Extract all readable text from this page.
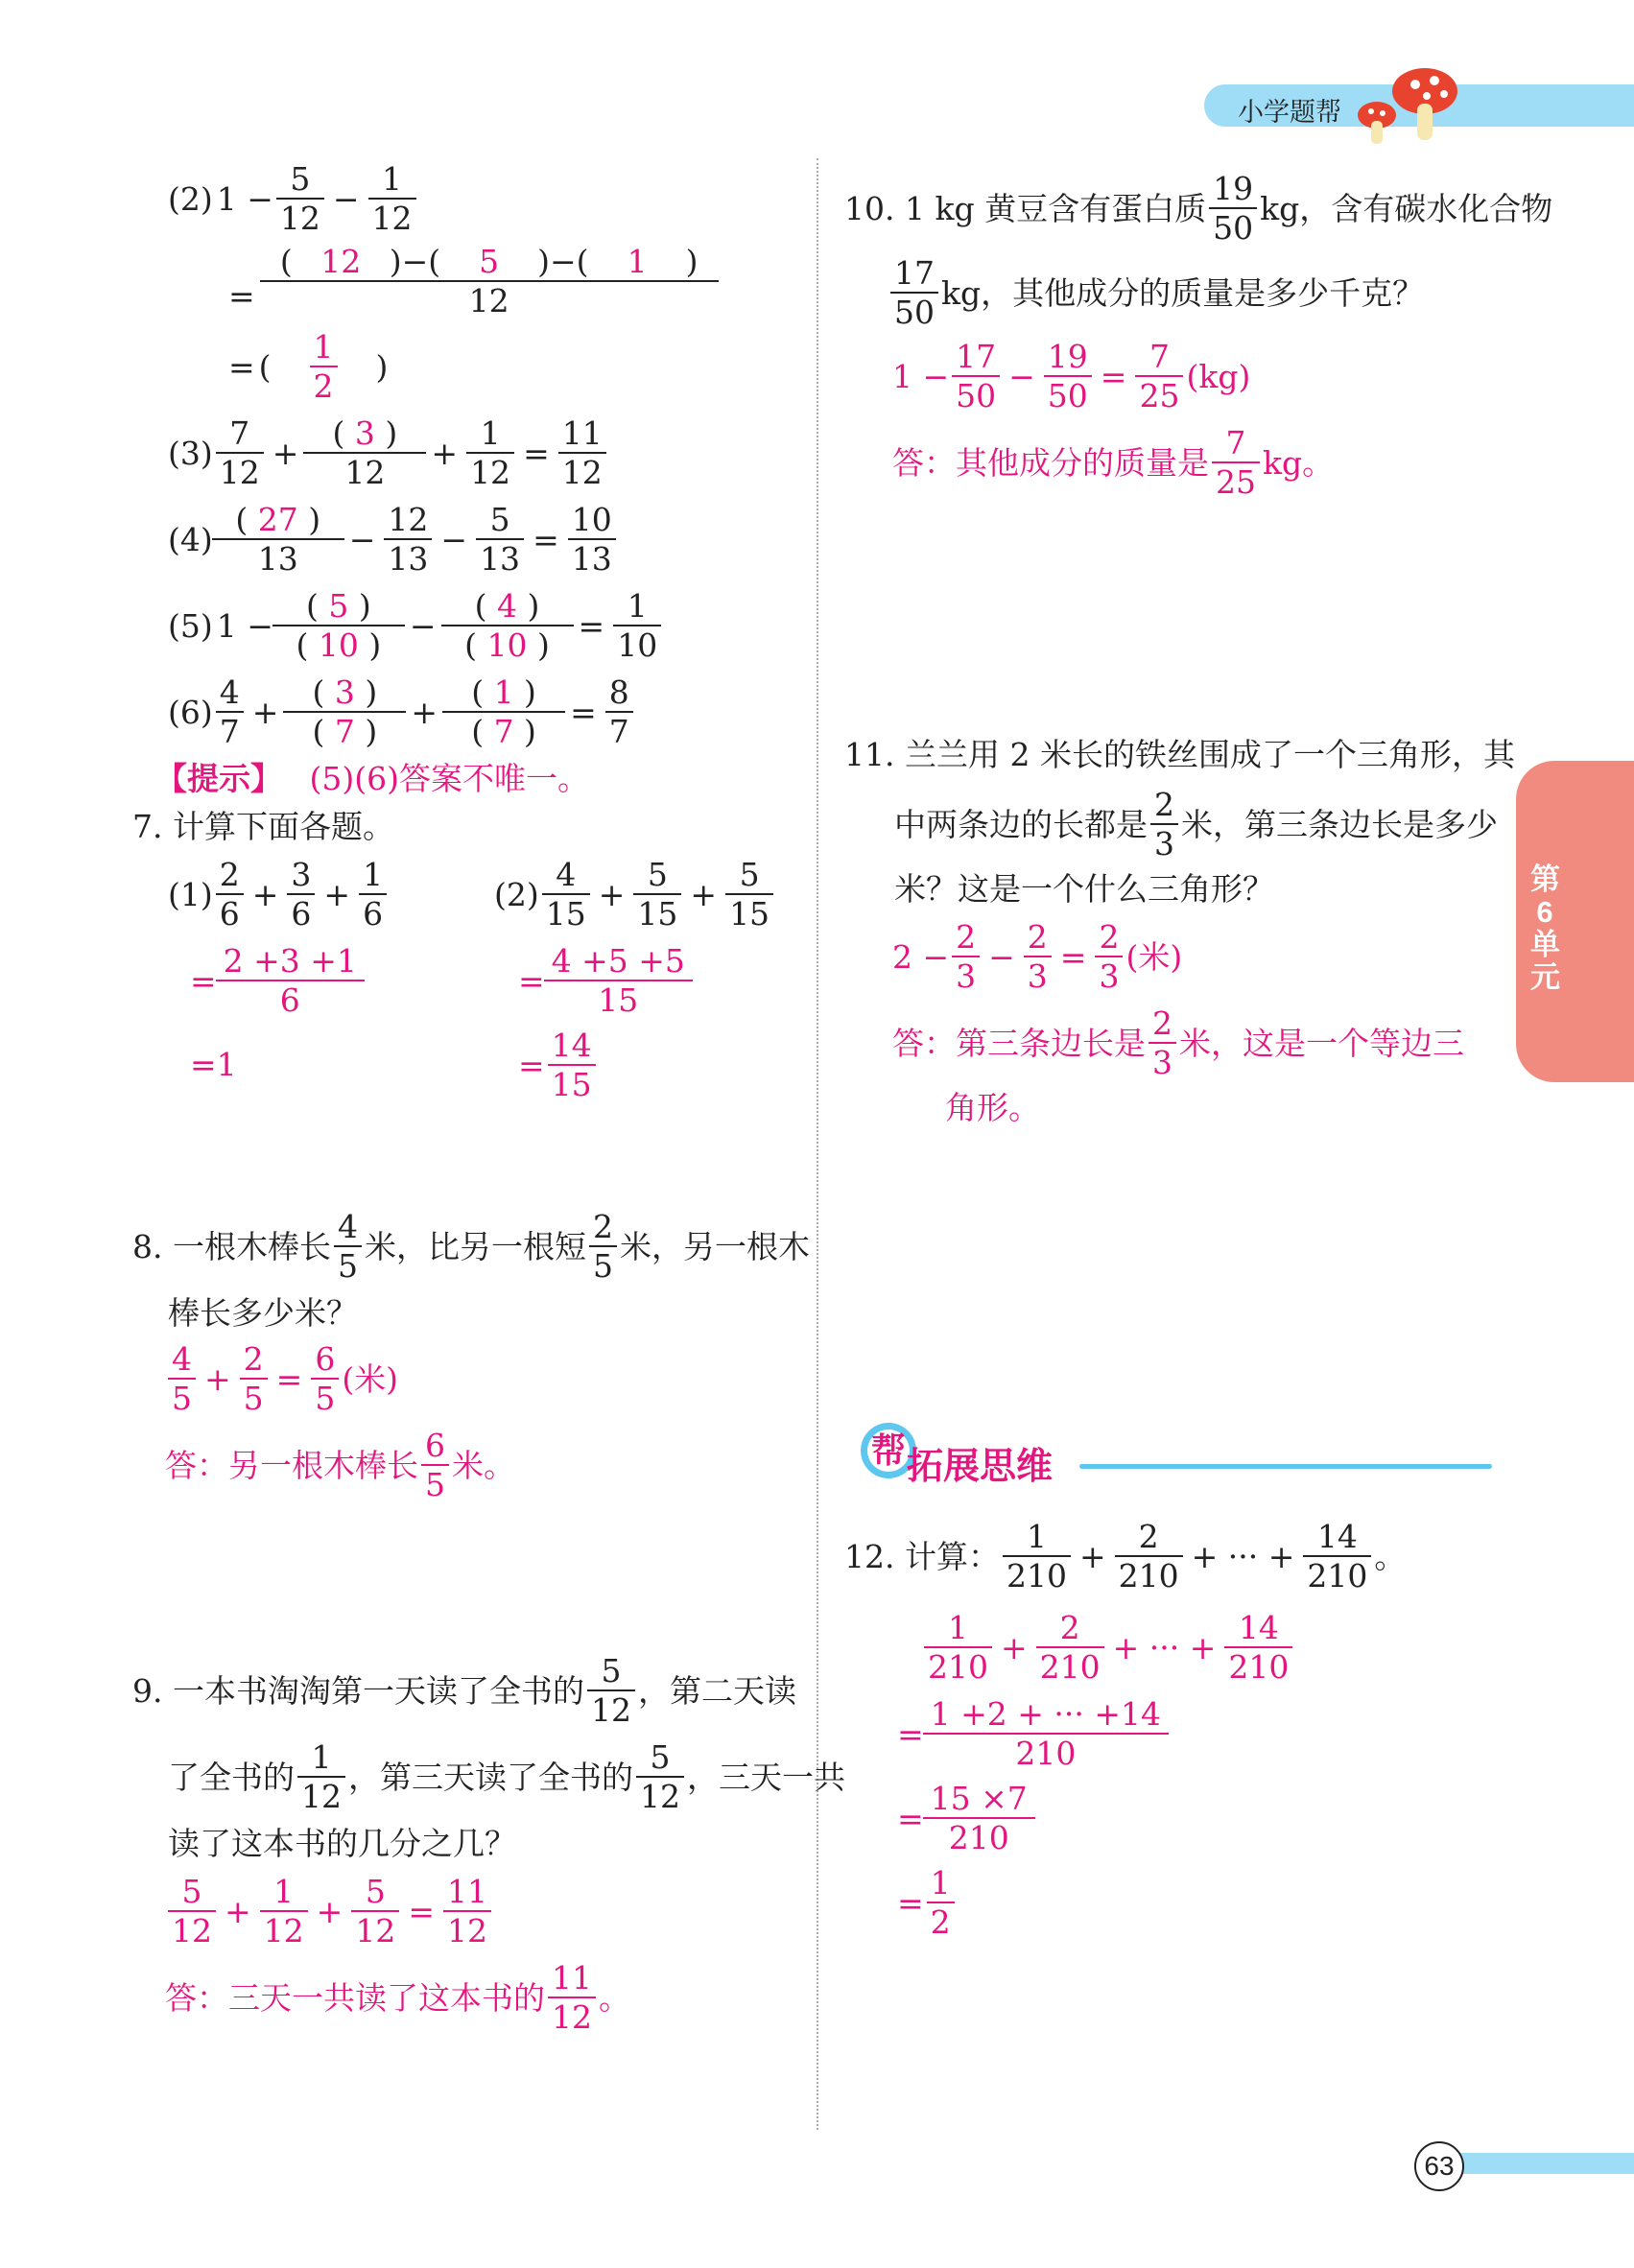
小学题帮
第6单元
(2) $1 - \frac{5}{12} - \frac{1}{12}$
= $\frac{( 12 )-( 5 )-( 1 )}{12}$
= ( $\frac{1}{2}$ )
$(3) \frac{7}{12} + \frac{( 3 )}{12} + \frac{1}{12} = \frac{11}{12}$
$(4) \frac{( 27 )}{13} - \frac{12}{13} - \frac{5}{13} = \frac{10}{13}$
(5) $1 - \frac{( 5 )}{( 10 )} - \frac{( 4 )}{( 10 )} = \frac{1}{10}$
$(6) \frac{4}{7} + \frac{( 3 )}{( 7 )} + \frac{( 1 )}{( 7 )} = \frac{8}{7}$
【提示】 (5)(6)答案不唯一。
7. 计算下面各题。
$(1) \frac{2}{6} + \frac{3}{6} + \frac{1}{6}$
= $\frac{2 +3 +1}{6}$
=1
$(2) \frac{4}{15} + \frac{5}{15} + \frac{5}{15}$
= $\frac{4 +5 +5}{15}$
= $\frac{14}{15}$
8. 一根木棒长 $\frac{4}{5}$ 米，比另一根短 $\frac{2}{5}$ 米，另一根木
棒长多少米？
$\frac{4}{5} + \frac{2}{5} = \frac{6}{5}$ (米)
答：另一根木棒长 $\frac{6}{5}$ 米。
9. 一本书淘淘第一天读了全书的 $\frac{5}{12}$ ，第二天读
了全书的 $\frac{1}{12}$ ，第三天读了全书的 $\frac{5}{12}$ ，三天一共
读了这本书的几分之几？
$\frac{5}{12} + \frac{1}{12} + \frac{5}{12} = \frac{11}{12}$
答：三天一共读了这本书的 $\frac{11}{12}$ 。
10. 1 kg 黄豆含有蛋白质 $\frac{19}{50}$ kg，含有碳水化合物
$\frac{17}{50}$ kg，其他成分的质量是多少千克？
$1 - \frac{17}{50} - \frac{19}{50} = \frac{7}{25} (kg)$
答：其他成分的质量是 $\frac{7}{25}$ kg。
11. 兰兰用 2 米长的铁丝围成了一个三角形，其
中两条边的长都是 $\frac{2}{3}$ 米，第三条边长是多少
米？这是一个什么三角形？
$2 - \frac{2}{3} - \frac{2}{3} = \frac{2}{3}$ (米)
答：第三条边长是 $\frac{2}{3}$ 米，这是一个等边三
角形。
帮 拓展思维
12. 计算： $\frac{1}{210} + \frac{2}{210}$ + ··· + $\frac{14}{210}$ 。
$\frac{1}{210} + \frac{2}{210}$ + ··· + $\frac{14}{210}$
= $\frac{1 +2 + \cdot\cdot\cdot +14}{210}$
= $\frac{15 \times 7}{210}$
= $\frac{1}{2}$
63
